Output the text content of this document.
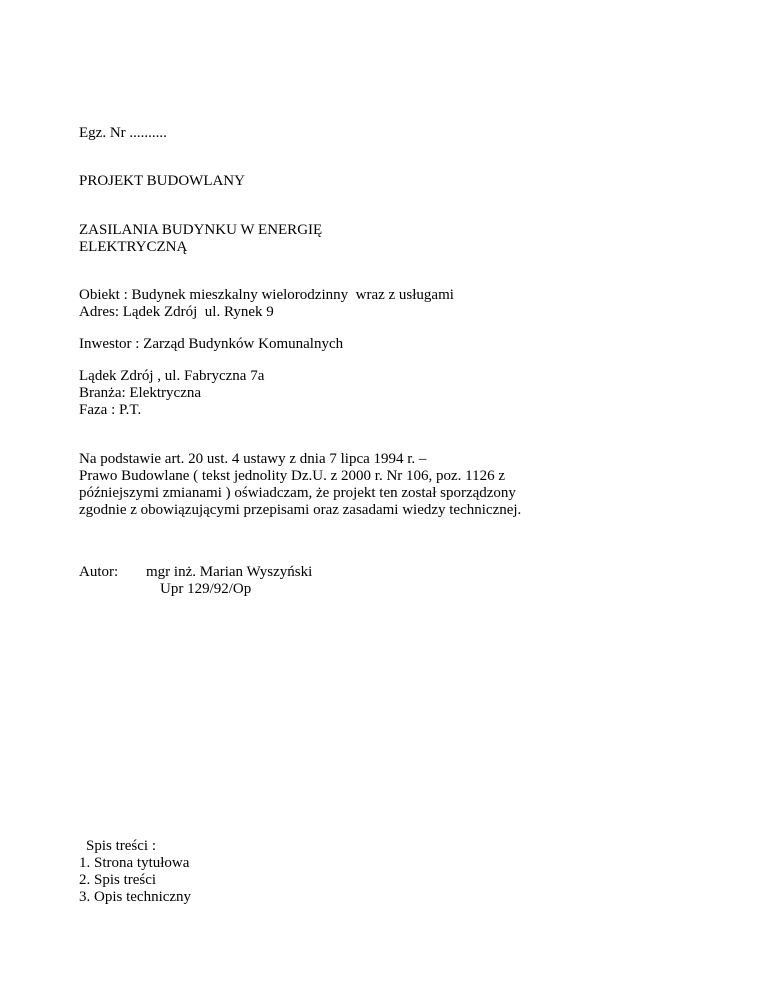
Egz. Nr ..........
PROJEKT BUDOWLANY
ZASILANIA BUDYNKU W ENERGIĘ
ELEKTRYCZNĄ
Obiekt : Budynek mieszkalny wielorodzinny  wraz z usługami
Adres: Lądek Zdrój  ul. Rynek 9
Inwestor : Zarząd Budynków Komunalnych
Lądek Zdrój , ul. Fabryczna 7a
Branża: Elektryczna
Faza : P.T.
Na podstawie art. 20 ust. 4 ustawy z dnia 7 lipca 1994 r. –
Prawo Budowlane ( tekst jednolity Dz.U. z 2000 r. Nr 106, poz. 1126 z
późniejszymi zmianami ) oświadczam, że projekt ten został sporządzony
zgodnie z obowiązującymi przepisami oraz zasadami wiedzy technicznej.
Autor: mgr inż. Marian Wyszyński
Upr 129/92/Op
Spis treści :
1. Strona tytułowa
2. Spis treści
3. Opis techniczny
